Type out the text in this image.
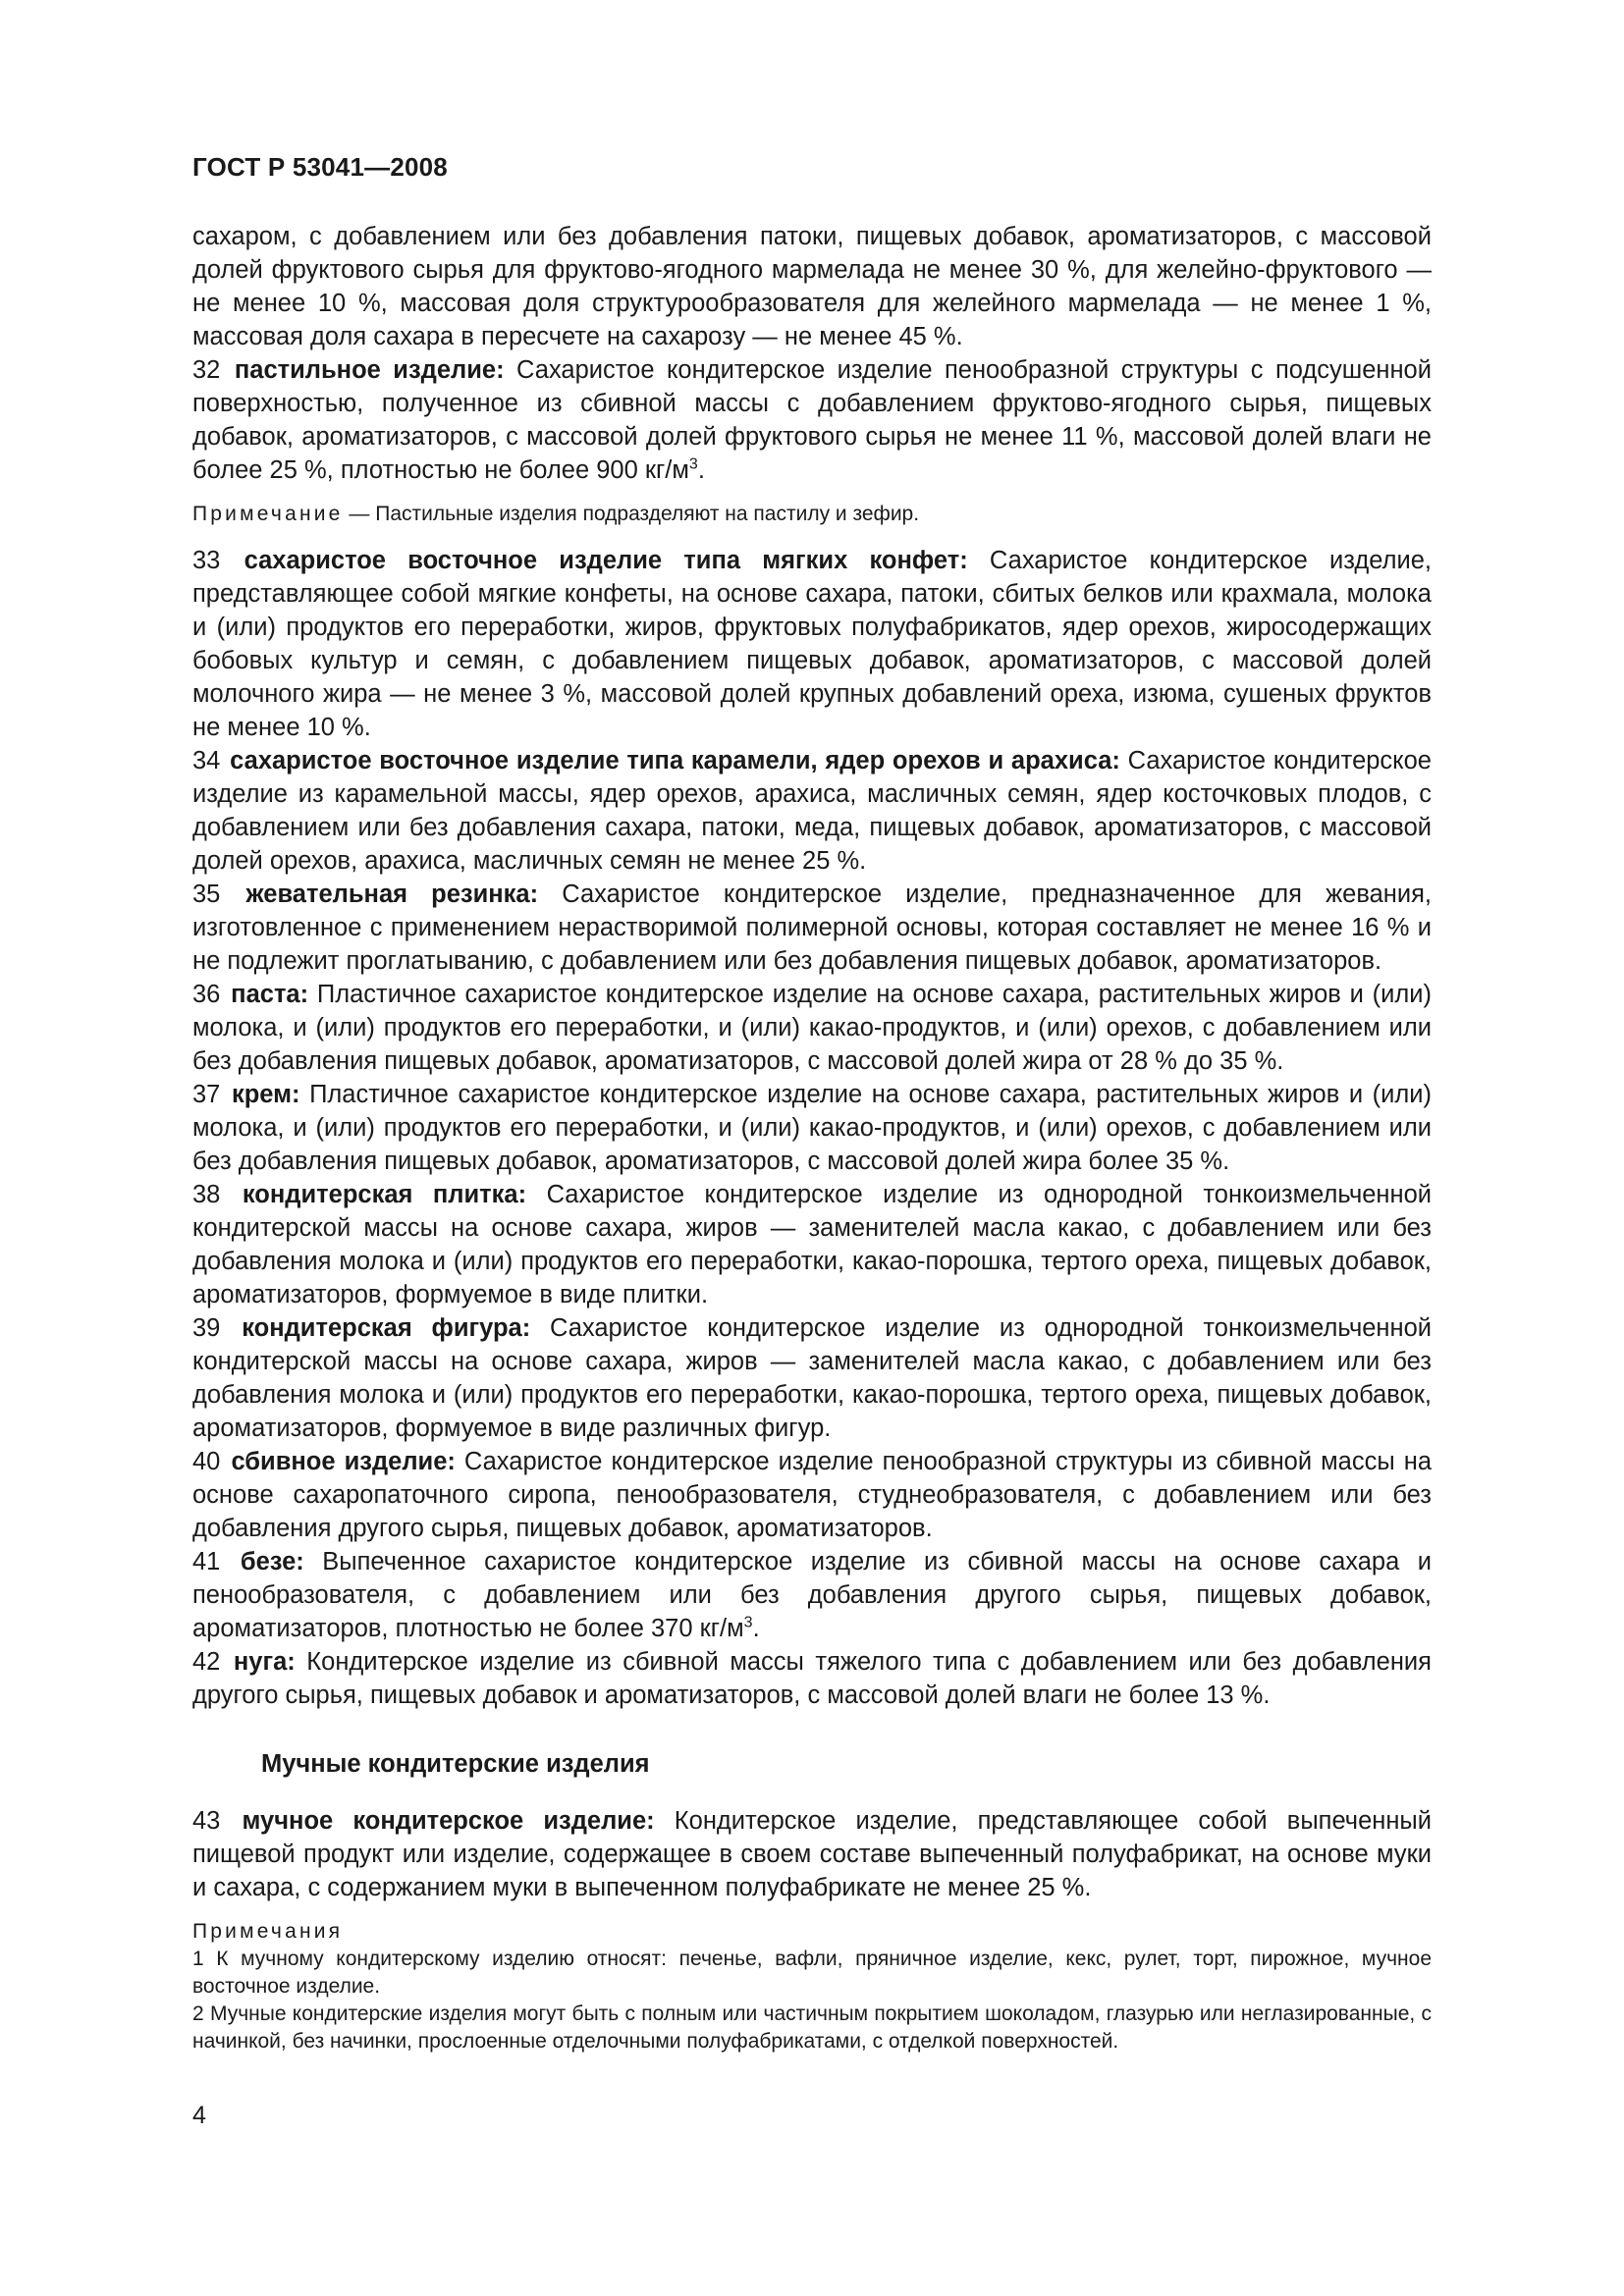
ГОСТ Р 53041—2008

сахаром, с добавлением или без добавления патоки, пищевых добавок, ароматизаторов, с массовой долей фруктового сырья для фруктово-ягодного мармелада не менее 30 %, для желейно-фруктового — не менее 10 %, массовая доля структурообразователя для желейного мармелада — не менее 1 %, массовая доля сахара в пересчете на сахарозу — не менее 45 %.

32 пастильное изделие: Сахаристое кондитерское изделие пенообразной структуры с подсушенной поверхностью, полученное из сбивной массы с добавлением фруктово-ягодного сырья, пищевых добавок, ароматизаторов, с массовой долей фруктового сырья не менее 11 %, массовой долей влаги не более 25 %, плотностью не более 900 $кг/м^3$.

Примечание — Пастильные изделия подразделяют на пастилу и зефир.

33 сахаристое восточное изделие типа мягких конфет: Сахаристое кондитерское изделие, представляющее собой мягкие конфеты, на основе сахара, патоки, сбитых белков или крахмала, молока и (или) продуктов его переработки, жиров, фруктовых полуфабрикатов, ядер орехов, жиросодержащих бобовых культур и семян, с добавлением пищевых добавок, ароматизаторов, с массовой долей молочного жира — не менее 3 %, массовой долей крупных добавлений ореха, изюма, сушеных фруктов не менее 10 %.

34 сахаристое восточное изделие типа карамели, ядер орехов и арахиса: Сахаристое кондитерское изделие из карамельной массы, ядер орехов, арахиса, масличных семян, ядер косточковых плодов, с добавлением или без добавления сахара, патоки, меда, пищевых добавок, ароматизаторов, с массовой долей орехов, арахиса, масличных семян не менее 25 %.

35 жевательная резинка: Сахаристое кондитерское изделие, предназначенное для жевания, изготовленное с применением нерастворимой полимерной основы, которая составляет не менее 16 % и не подлежит проглатыванию, с добавлением или без добавления пищевых добавок, ароматизаторов.

36 паста: Пластичное сахаристое кондитерское изделие на основе сахара, растительных жиров и (или) молока, и (или) продуктов его переработки, и (или) какао-продуктов, и (или) орехов, с добавлением или без добавления пищевых добавок, ароматизаторов, с массовой долей жира от 28 % до 35 %.

37 крем: Пластичное сахаристое кондитерское изделие на основе сахара, растительных жиров и (или) молока, и (или) продуктов его переработки, и (или) какао-продуктов, и (или) орехов, с добавлением или без добавления пищевых добавок, ароматизаторов, с массовой долей жира более 35 %.

38 кондитерская плитка: Сахаристое кондитерское изделие из однородной тонкоизмельченной кондитерской массы на основе сахара, жиров — заменителей масла какао, с добавлением или без добавления молока и (или) продуктов его переработки, какао-порошка, тертого ореха, пищевых добавок, ароматизаторов, формуемое в виде плитки.

39 кондитерская фигура: Сахаристое кондитерское изделие из однородной тонкоизмельченной кондитерской массы на основе сахара, жиров — заменителей масла какао, с добавлением или без добавления молока и (или) продуктов его переработки, какао-порошка, тертого ореха, пищевых добавок, ароматизаторов, формуемое в виде различных фигур.

40 сбивное изделие: Сахаристое кондитерское изделие пенообразной структуры из сбивной массы на основе сахаропаточного сиропа, пенообразователя, студнеобразователя, с добавлением или без добавления другого сырья, пищевых добавок, ароматизаторов.

41 безе: Выпеченное сахаристое кондитерское изделие из сбивной массы на основе сахара и пенообразователя, с добавлением или без добавления другого сырья, пищевых добавок, ароматизаторов, плотностью не более 370 $кг/м^3$.

42 нуга: Кондитерское изделие из сбивной массы тяжелого типа с добавлением или без добавления другого сырья, пищевых добавок и ароматизаторов, с массовой долей влаги не более 13 %.

Мучные кондитерские изделия

43 мучное кондитерское изделие: Кондитерское изделие, представляющее собой выпеченный пищевой продукт или изделие, содержащее в своем составе выпеченный полуфабрикат, на основе муки и сахара, с содержанием муки в выпеченном полуфабрикате не менее 25 %.

Примечания

1 К мучному кондитерскому изделию относят: печенье, вафли, пряничное изделие, кекс, рулет, торт, пирожное, мучное восточное изделие.

2 Мучные кондитерские изделия могут быть с полным или частичным покрытием шоколадом, глазурью или неглазированные, с начинкой, без начинки, прослоенные отделочными полуфабрикатами, с отделкой поверхностей.

4
